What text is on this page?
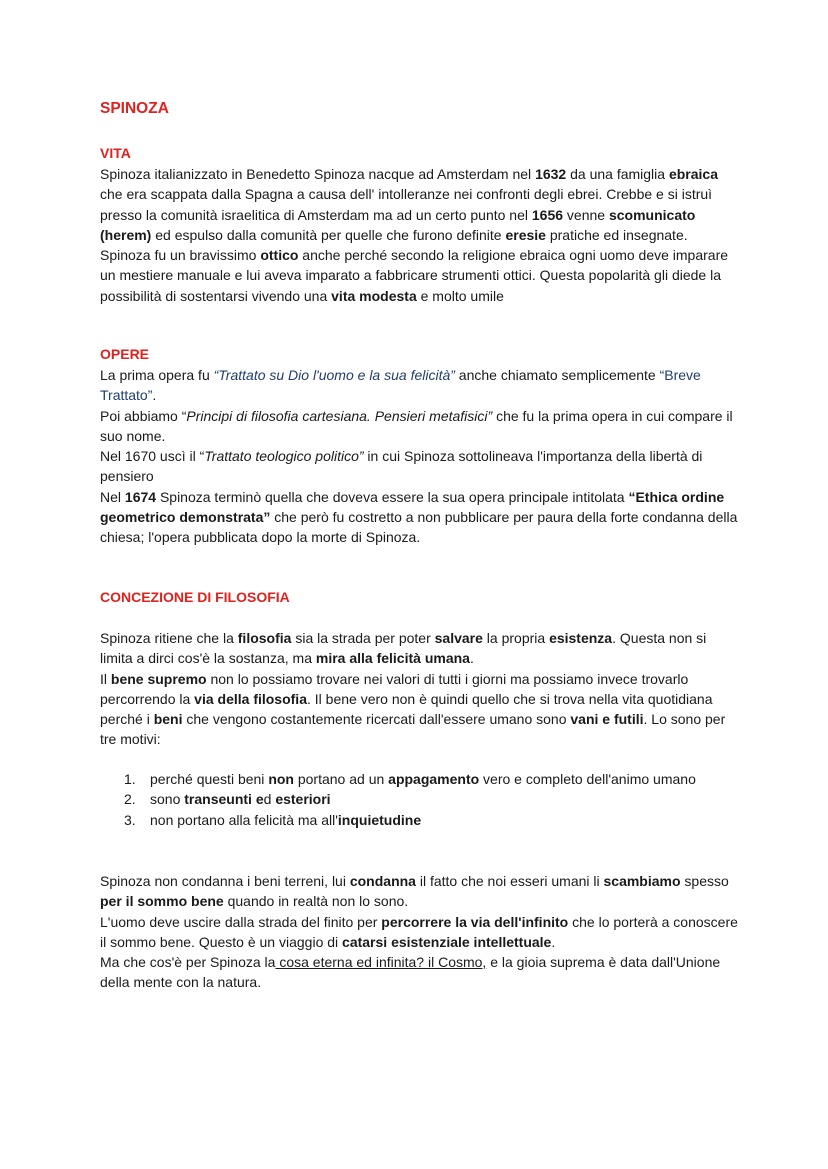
SPINOZA
VITA

Spinoza italianizzato in Benedetto Spinoza nacque ad Amsterdam nel 1632 da una famiglia ebraica che era scappata dalla Spagna a causa dell' intolleranze nei confronti degli ebrei. Crebbe e si istruì presso la comunità israelitica di Amsterdam ma ad un certo punto nel 1656 venne scomunicato (herem) ed espulso dalla comunità per quelle che furono definite eresie pratiche ed insegnate.

Spinoza fu un bravissimo ottico anche perché secondo la religione ebraica ogni uomo deve imparare un mestiere manuale e lui aveva imparato a fabbricare strumenti ottici. Questa popolarità gli diede la possibilità di sostentarsi vivendo una vita modesta e molto umile

OPERE

La prima opera fu “Trattato su Dio l'uomo e la sua felicità” anche chiamato semplicemente “Breve Trattato”.

Poi abbiamo “Principi di filosofia cartesiana. Pensieri metafisici” che fu la prima opera in cui compare il suo nome.

Nel 1670 uscì il “Trattato teologico politico” in cui Spinoza sottolineava l'importanza della libertà di pensiero

Nel 1674 Spinoza terminò quella che doveva essere la sua opera principale intitolata “Ethica ordine geometrico demonstrata” che però fu costretto a non pubblicare per paura della forte condanna della chiesa; l'opera pubblicata dopo la morte di Spinoza.

CONCEZIONE DI FILOSOFIA

Spinoza ritiene che la filosofia sia la strada per poter salvare la propria esistenza. Questa non si limita a dirci cos'è la sostanza, ma mira alla felicità umana.

Il bene supremo non lo possiamo trovare nei valori di tutti i giorni ma possiamo invece trovarlo percorrendo la via della filosofia. Il bene vero non è quindi quello che si trova nella vita quotidiana perché i beni che vengono costantemente ricercati dall'essere umano sono vani e futili. Lo sono per tre motivi:

1. perché questi beni non portano ad un appagamento vero e completo dell'animo umano
2. sono transeunti ed esteriori
3. non portano alla felicità ma all'inquietudine

Spinoza non condanna i beni terreni, lui condanna il fatto che noi esseri umani li scambiamo spesso per il sommo bene quando in realtà non lo sono.

L'uomo deve uscire dalla strada del finito per percorrere la via dell'infinito che lo porterà a conoscere il sommo bene. Questo è un viaggio di catarsi esistenziale intellettuale.

Ma che cos'è per Spinoza la cosa eterna ed infinita? il Cosmo, e la gioia suprema è data dall'Unione della mente con la natura.
